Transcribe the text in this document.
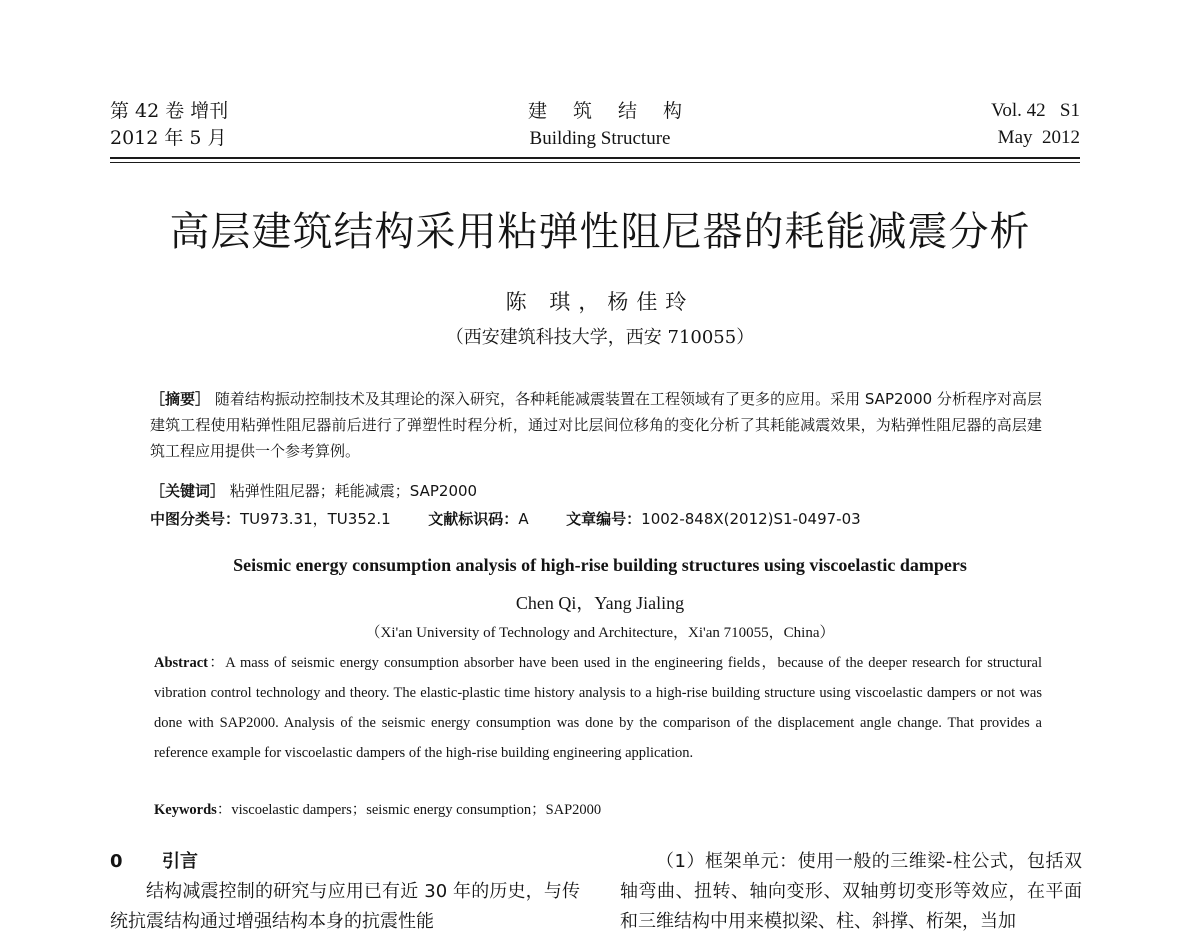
第 42 卷 增刊
2012 年 5 月
建 筑 结 构
Building Structure
Vol. 42   S1
May  2012
高层建筑结构采用粘弹性阻尼器的耗能减震分析
陈 琪，杨佳玲
（西安建筑科技大学，西安 710055）
［摘要］ 随着结构振动控制技术及其理论的深入研究，各种耗能减震装置在工程领域有了更多的应用。采用 SAP2000 分析程序对高层建筑工程使用粘弹性阻尼器前后进行了弹塑性时程分析，通过对比层间位移角的变化分析了其耗能减震效果，为粘弹性阻尼器的高层建筑工程应用提供一个参考算例。
［关键词］ 粘弹性阻尼器；耗能减震；SAP2000
中图分类号：TU973.31，TU352.1	文献标识码：A	文章编号：1002-848X(2012)S1-0497-03
Seismic energy consumption analysis of high-rise building structures using viscoelastic dampers
Chen Qi，Yang Jialing
（Xi'an University of Technology and Architecture，Xi'an 710055，China）
Abstract：A mass of seismic energy consumption absorber have been used in the engineering fields，because of the deeper research for structural vibration control technology and theory. The elastic-plastic time history analysis to a high-rise building structure using viscoelastic dampers or not was done with SAP2000. Analysis of the seismic energy consumption was done by the comparison of the displacement angle change. That provides a reference example for viscoelastic dampers of the high-rise building engineering application.
Keywords：viscoelastic dampers；seismic energy consumption；SAP2000
0 引言
结构减震控制的研究与应用已有近 30 年的历史，与传统抗震结构通过增强结构本身的抗震性能
（1）框架单元：使用一般的三维梁-柱公式，包括双轴弯曲、扭转、轴向变形、双轴剪切变形等效应，在平面和三维结构中用来模拟梁、柱、斜撑、桁架，当加
